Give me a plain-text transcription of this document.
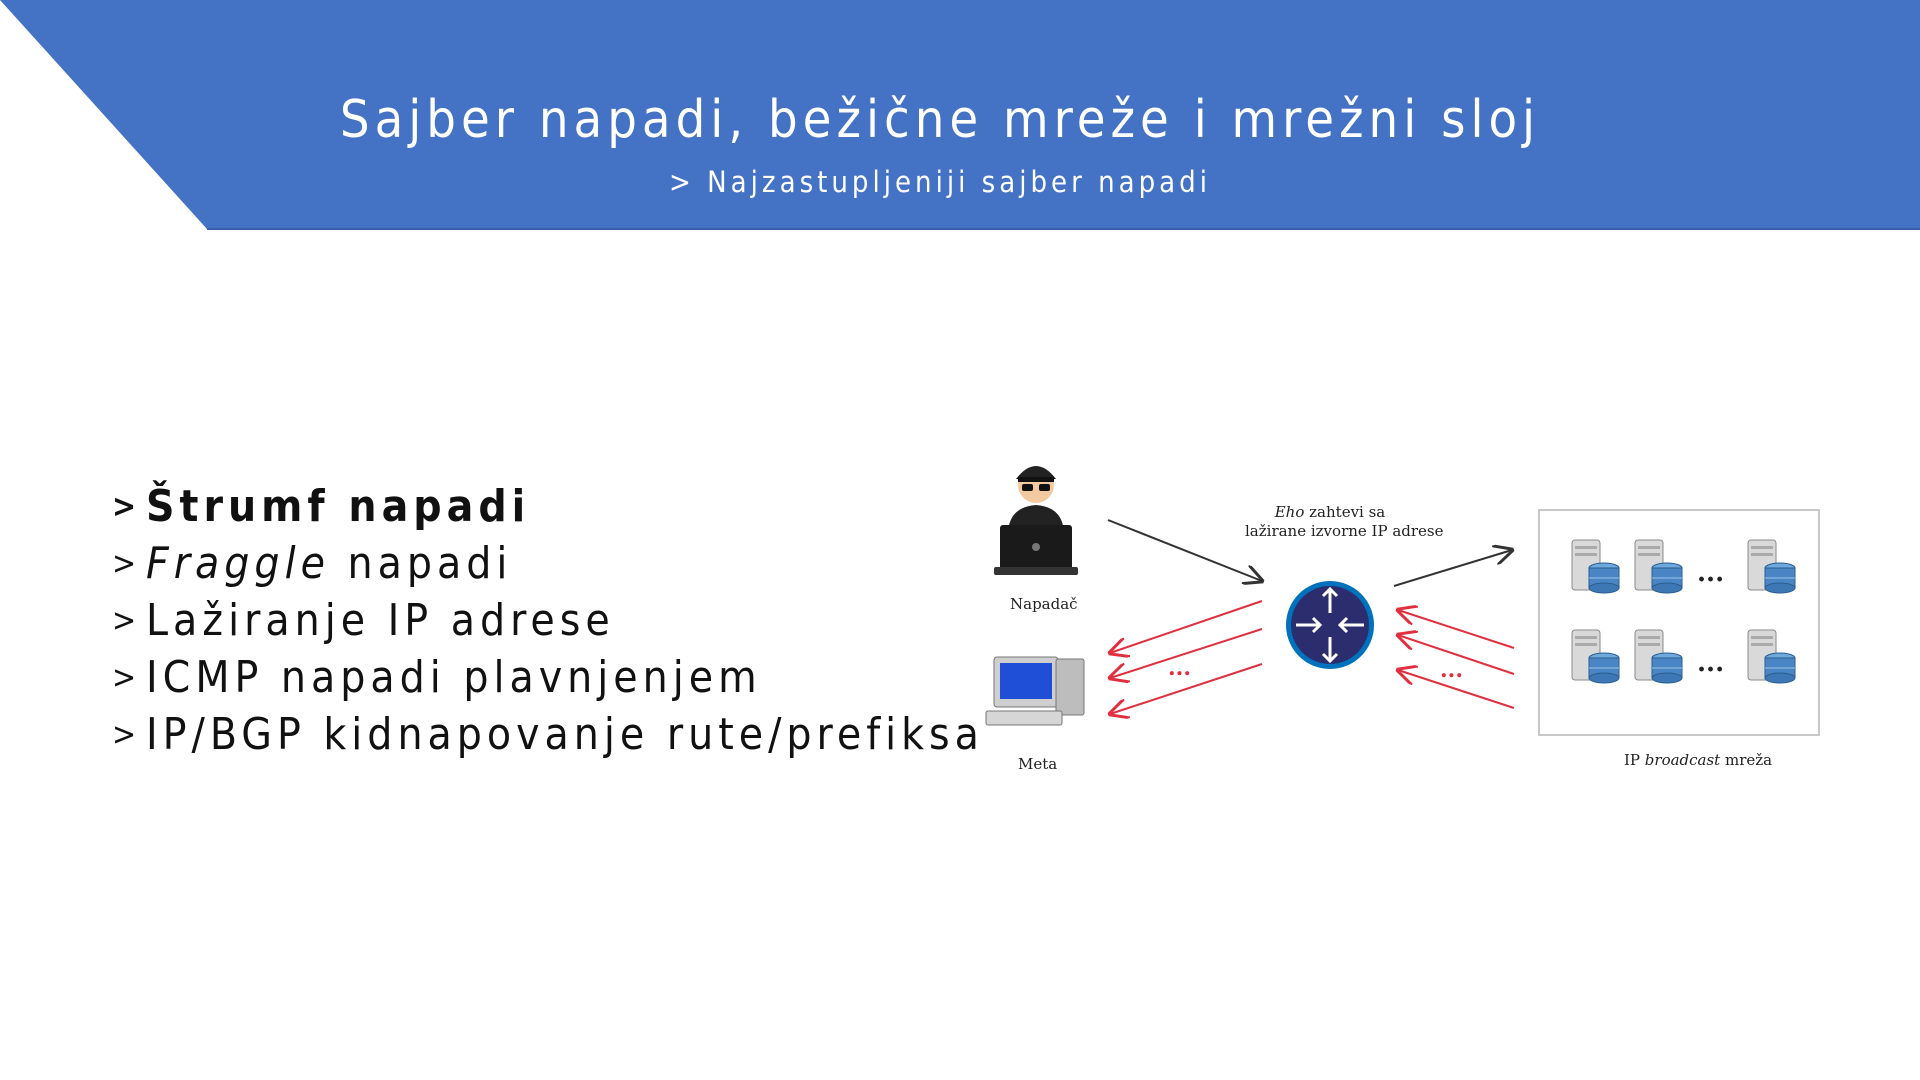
Sajber napadi, bežične mreže i mrežni sloj
> Najzastupljeniji sajber napadi
> Štrumf napadi
> Fraggle napadi
> Lažiranje IP adrese
> ICMP napadi plavnjenjem
> IP/BGP kidnapovanje rute/prefiksa
Napadač
Meta
Eho zahtevi sa
lažirane izvorne IP adrese
IP broadcast mreža
...	...
...
...
